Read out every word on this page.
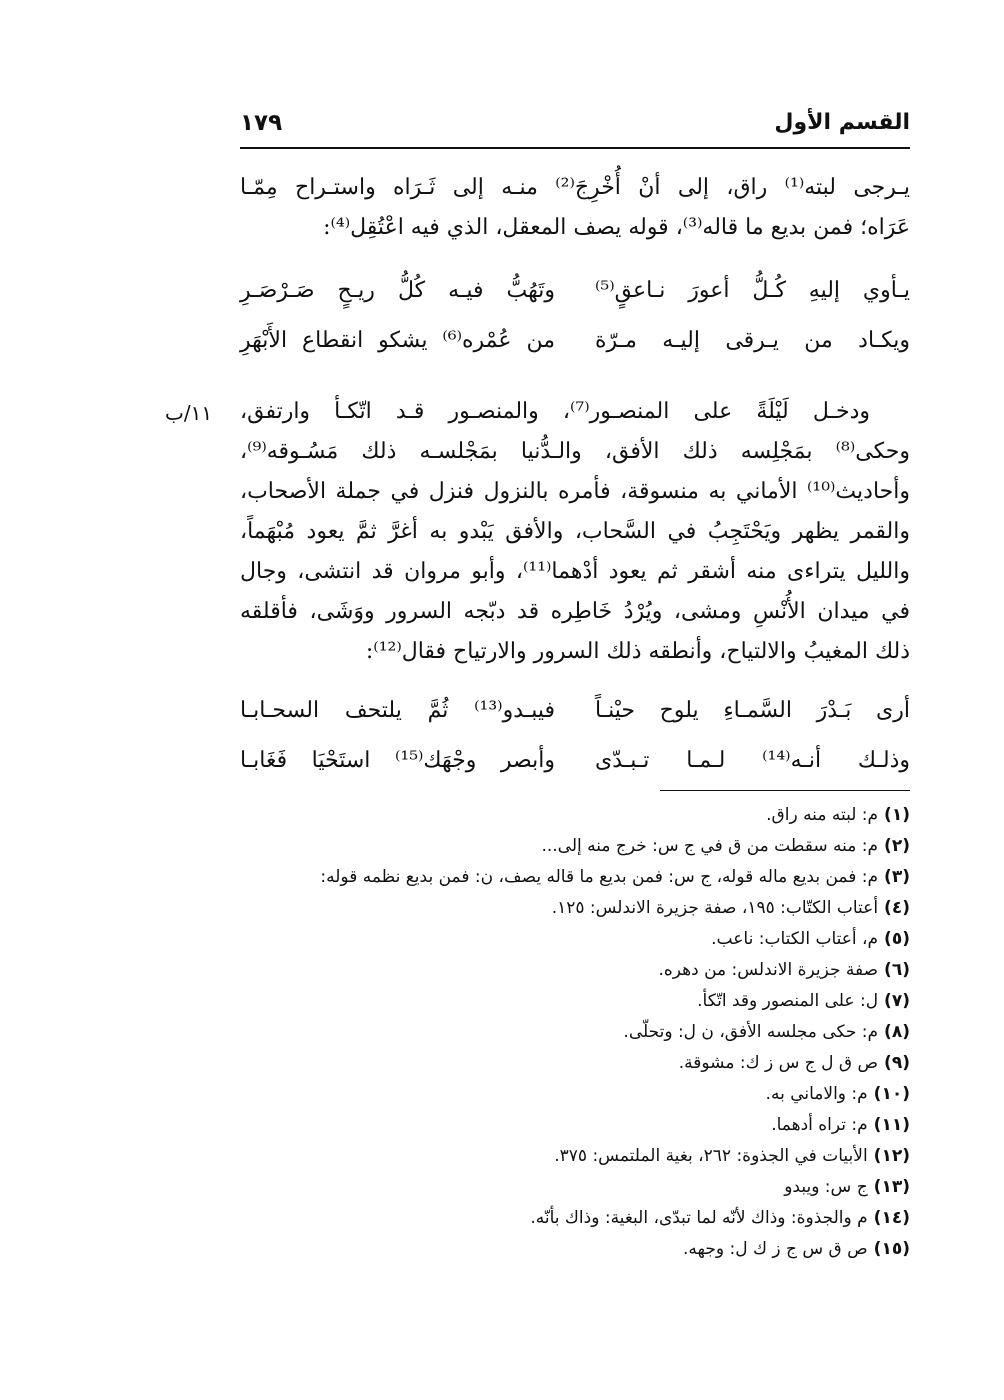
القسم الأول
١٧٩

يـرجى لبته⁽¹⁾ راق، إلى أنْ أُخْرِجَ⁽²⁾ منـه إلى ثَـرَاه واستـراح مِمّـا

عَرَاه؛ فمن بديع ما قاله⁽³⁾، قوله يصف المعقل، الذي فيه اعْتُقِل⁽⁴⁾:

يـأوي إليهِ كُـلُّ أعورَ نـاعقٍ⁽⁵⁾
وتَهُبُّ فيـه كُلُّ ريـحٍ صَـرْصَـرِ
ويكـاد من يـرقى إليـه مـرّة
من عُمْره⁽⁶⁾ يشكو انقطاع الأَبْهَرِ
١١/ب ودخـل لَيْلَةً على المنصـور⁽⁷⁾، والمنصـور قـد اتّكـأ وارتفق،

وحكى⁽⁸⁾ بمَجْلِسه ذلك الأفق، والـدُّنيا بمَجْلسـه ذلك مَسُـوقه⁽⁹⁾،

وأحاديث⁽¹⁰⁾ الأماني به منسوقة، فأمره بالنزول فنزل في جملة الأصحاب،

والقمر يظهر ويَحْتَجِبُ في السَّحاب، والأفق يَبْدو به أغرَّ ثمَّ يعود مُبْهَماً،

والليل يتراءى منه أشقر ثم يعود أدْهما⁽¹¹⁾، وأبو مروان قد انتشى، وجال

في ميدان الأُنْسِ ومشى، ويُرْدُ خَاطِره قد دبّجه السرور ووَشَى، فأقلقه

ذلك المغيبُ والالتياح، وأنطقه ذلك السرور والارتياح فقال⁽¹²⁾:

أرى بَـدْرَ السَّمـاءِ يلوح حيْنـاً
فيبـدو⁽¹³⁾ ثُمَّ يلتحف السحـابـا
وذلـك أنـه⁽¹⁴⁾ لـمـا تـبـدّى
وأبصر وجْهَك⁽¹⁵⁾ استَحْيَا فَغَابـا
(١)م: لبته منه راق.
(٢)م: منه سقطت من ق في ج س: خرج منه إلى...
(٣)م: فمن بديع ماله قوله، ج س: فمن بديع ما قاله يصف، ن: فمن بديع نظمه قوله:
(٤)أعتاب الكتّاب: ١٩٥، صفة جزيرة الاندلس: ١٢٥.
(٥)م، أعتاب الكتاب: ناعب.
(٦)صفة جزيرة الاندلس: من دهره.
(٧)ل: على المنصور وقد اتّكأ.
(٨)م: حكى مجلسه الأفق، ن ل: وتحلّى.
(٩)ص ق ل ج س ز ك: مشوقة.
(١٠)م: والاماني به.
(١١)م: تراه أدهما.
(١٢)الأبيات في الجذوة: ٢٦٢، بغية الملتمس: ٣٧٥.
(١٣)ج س: ويبدو
(١٤)م والجذوة: وذاك لأنّه لما تبدّى، البغية: وذاك بأنّه.
(١٥)ص ق س ج ز ك ل: وجهه.
